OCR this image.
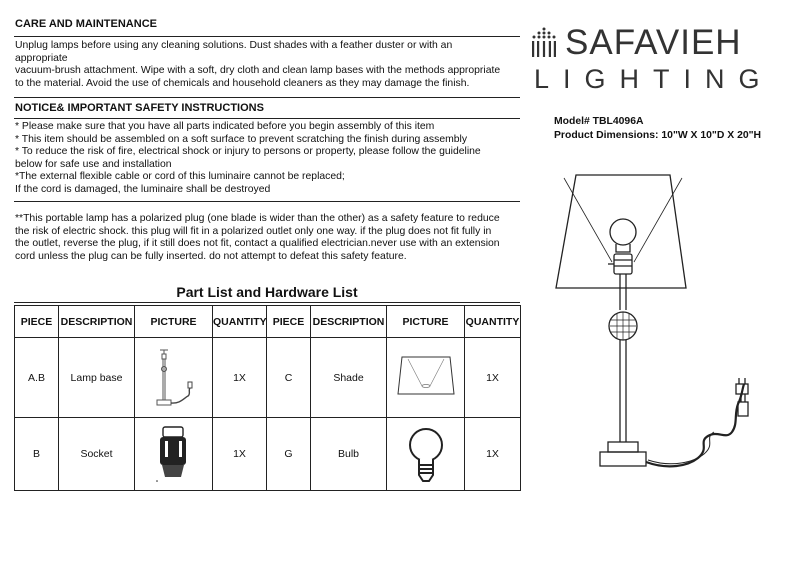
CARE AND MAINTENANCE

Unplug lamps before using any cleaning solutions. Dust shades with a feather duster or with an

appropriate

vacuum-brush attachment. Wipe with a soft, dry cloth and clean lamp bases with the methods appropriate

to the material. Avoid the use of chemicals and household cleaners as they may damage the finish.

NOTICE& IMPORTANT SAFETY INSTRUCTIONS

* Please make sure that you have all parts indicated before you begin assembly of this item

* This item should be assembled on a soft surface to prevent scratching the finish during assembly

* To reduce the risk of fire, electrical shock or injury to persons or property, please follow the guideline

below for safe use and installation

*The external flexible cable or cord of this luminaire cannot be replaced;

If the cord is damaged, the luminaire shall be destroyed

**This portable lamp has a polarized plug (one blade is wider than the other) as a safety feature to reduce

the risk of electric shock. this plug will fit in a polarized outlet only one way. if the plug does not fit fully in

the outlet, reverse the plug, if it still does not fit, contact a qualified electrician.never use with an extension

cord unless the plug can be fully inserted. do not attempt to defeat this safety feature.

Part List and Hardware List
PIECE	DESCRIPTION	PICTURE	QUANTITY	PIECE	DESCRIPTION	PICTURE	QUANTITY
A.B	Lamp base		1X	C	Shade		1X
B	Socket		1X	G	Bulb		1X
SAFAVIEH
LIGHTING
Model# TBL4096A
Product Dimensions: 10"W X 10"D X 20"H
